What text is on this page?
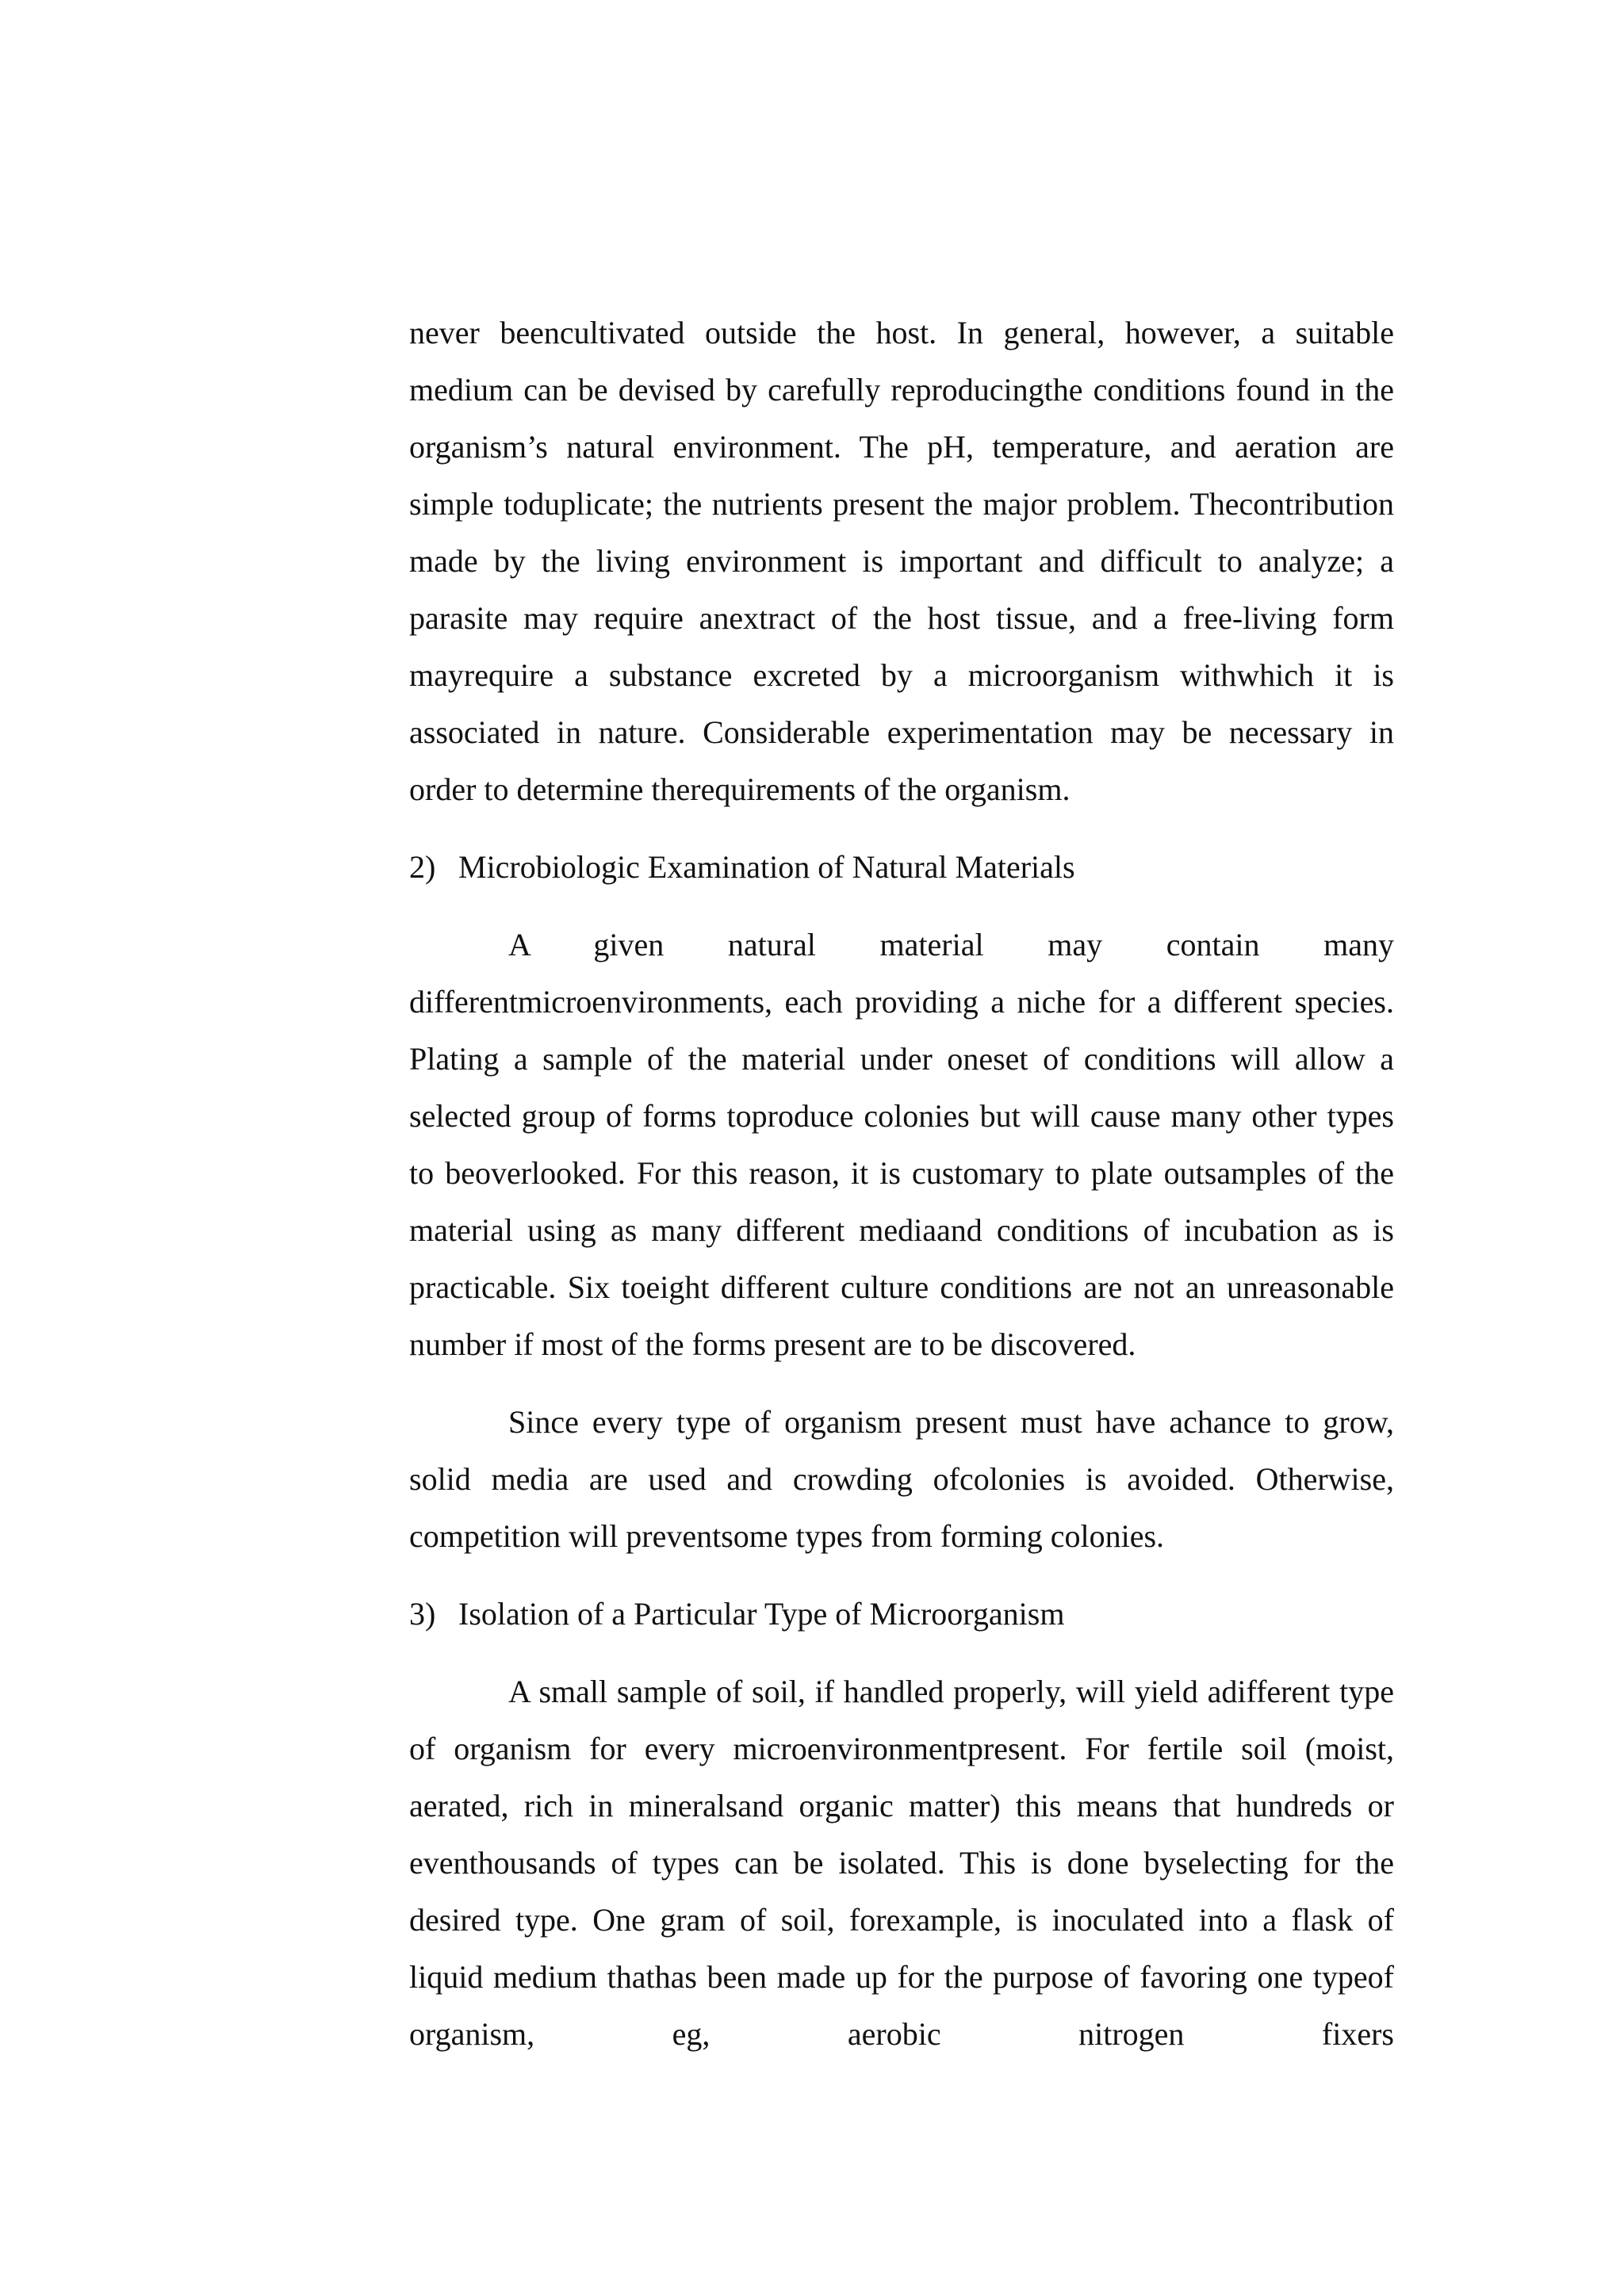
never beencultivated outside the host. In general, however, a suitable medium can be devised by carefully reproducingthe conditions found in the organism’s natural environment. The pH, temperature, and aeration are simple toduplicate; the nutrients present the major problem. Thecontribution made by the living environment is important and difficult to analyze; a parasite may require anextract of the host tissue, and a free-living form mayrequire a substance excreted by a microorganism withwhich it is associated in nature. Considerable experimentation may be necessary in order to determine therequirements of the organism.

2) Microbiologic Examination of Natural Materials

A given natural material may contain many differentmicroenvironments, each providing a niche for a different species. Plating a sample of the material under oneset of conditions will allow a selected group of forms toproduce colonies but will cause many other types to beoverlooked. For this reason, it is customary to plate outsamples of the material using as many different mediaand conditions of incubation as is practicable. Six toeight different culture conditions are not an unreasonable number if most of the forms present are to be discovered.

Since every type of organism present must have achance to grow, solid media are used and crowding ofcolonies is avoided. Otherwise, competition will preventsome types from forming colonies.

3) Isolation of a Particular Type of Microorganism

A small sample of soil, if handled properly, will yield adifferent type of organism for every microenvironmentpresent. For fertile soil (moist, aerated, rich in mineralsand organic matter) this means that hundreds or eventhousands of types can be isolated. This is done byselecting for the desired type. One gram of soil, forexample, is inoculated into a flask of liquid medium thathas been made up for the purpose of favoring one typeof organism, eg, aerobic nitrogen fixers
